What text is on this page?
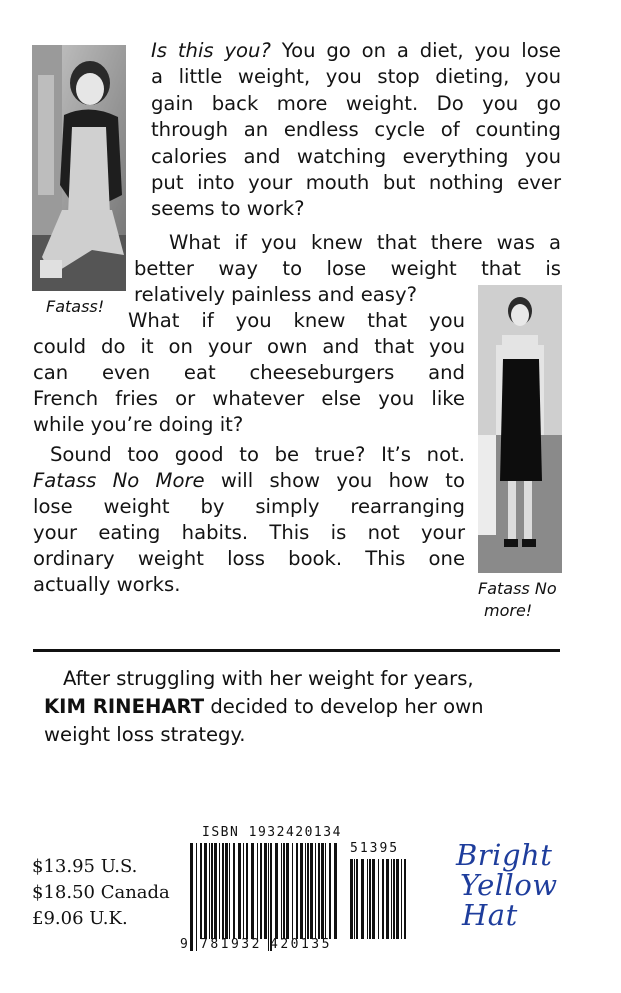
Fatass!
Fatass No
more!
Is this you? You go on a diet, you lose
a little weight, you stop dieting, you
gain back more weight. Do you go
through an endless cycle of counting
calories and watching everything you
put into your mouth but nothing ever
seems to work?
What if you knew that there was a
better way to lose weight that is
relatively painless and easy?
What if you knew that you
could do it on your own and that you
can even eat cheeseburgers and
French fries or whatever else you like
while you’re doing it?
Sound too good to be true? It’s not.
Fatass No More will show you how to
lose weight by simply rearranging
your eating habits. This is not your
ordinary weight loss book. This one
actually works.
After struggling with her weight for years,
KIM RINEHART decided to develop her own
weight loss strategy.
$13.95 U.S.
$18.50 Canada
£9.06 U.K.
ISBN 1932420134
51395
9 781932 420135
Bright
Yellow
Hat
